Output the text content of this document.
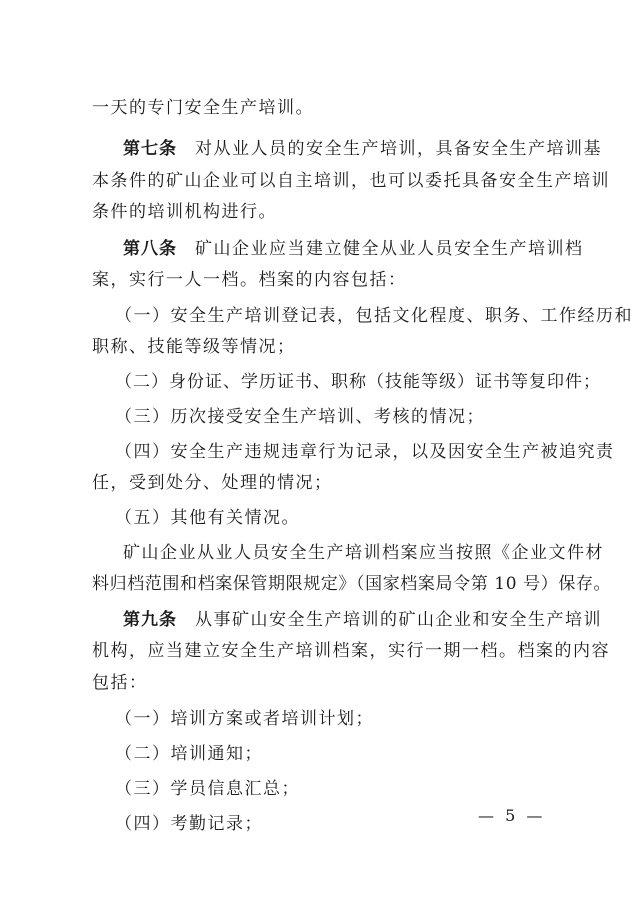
一天的专门安全生产培训。
第七条 对从业人员的安全生产培训，具备安全生产培训基
本条件的矿山企业可以自主培训，也可以委托具备安全生产培训
条件的培训机构进行。
第八条 矿山企业应当建立健全从业人员安全生产培训档
案，实行一人一档。档案的内容包括：
（一）安全生产培训登记表，包括文化程度、职务、工作经历和
职称、技能等级等情况；
（二）身份证、学历证书、职称（技能等级）证书等复印件；
（三）历次接受安全生产培训、考核的情况；
（四）安全生产违规违章行为记录，以及因安全生产被追究责
任，受到处分、处理的情况；
（五）其他有关情况。
矿山企业从业人员安全生产培训档案应当按照《企业文件材
料归档范围和档案保管期限规定》（国家档案局令第 10 号）保存。
第九条 从事矿山安全生产培训的矿山企业和安全生产培训
机构，应当建立安全生产培训档案，实行一期一档。档案的内容
包括：
（一）培训方案或者培训计划；
（二）培训通知；
（三）学员信息汇总；
（四）考勤记录；	— 5 —
